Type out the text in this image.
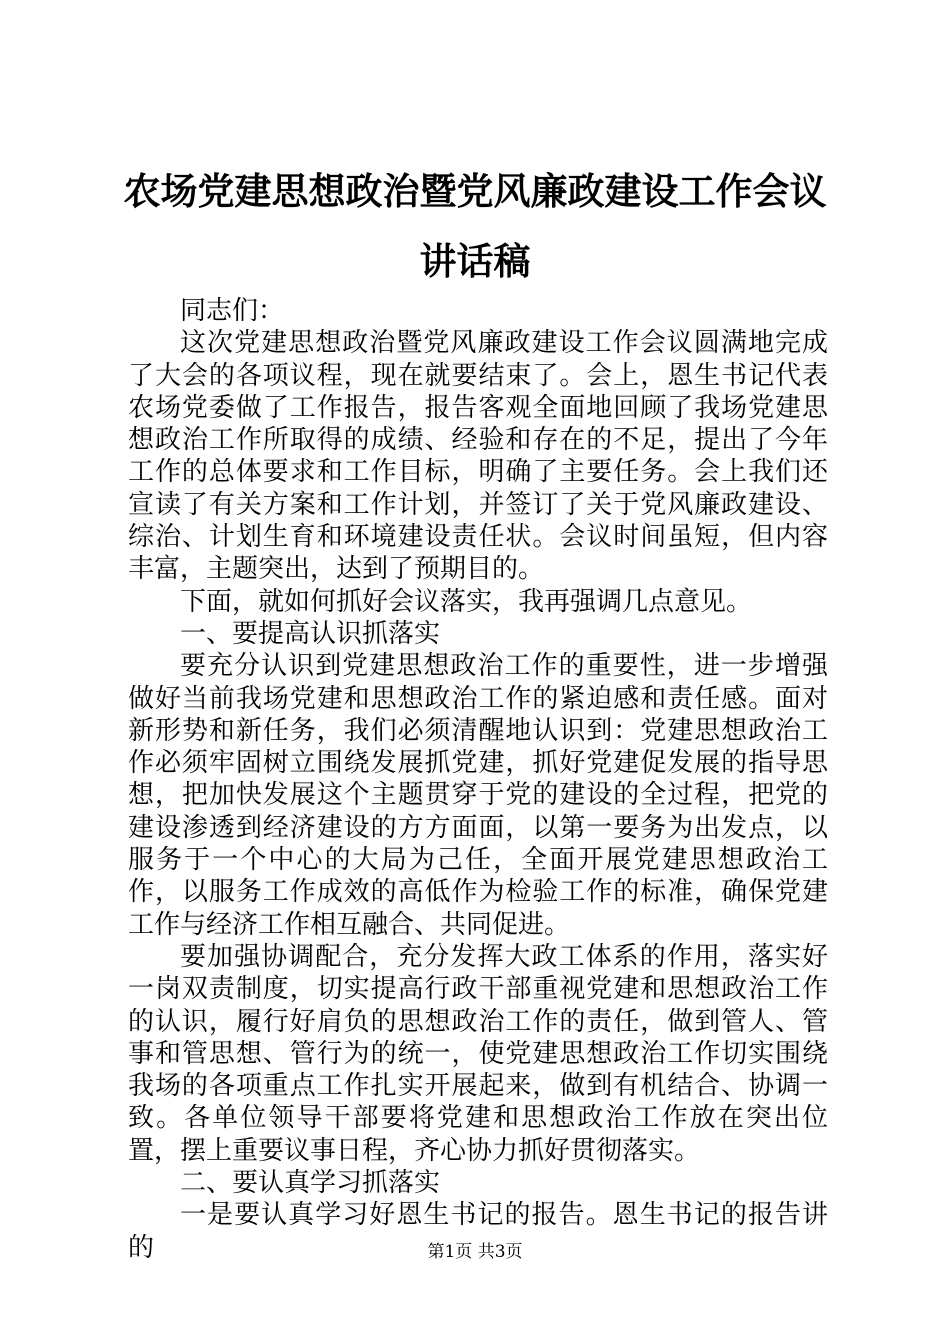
农场党建思想政治暨党风廉政建设工作会议讲话稿

同志们：

这次党建思想政治暨党风廉政建设工作会议圆满地完成了大会的各项议程，现在就要结束了。会上，恩生书记代表农场党委做了工作报告，报告客观全面地回顾了我场党建思想政治工作所取得的成绩、经验和存在的不足，提出了今年工作的总体要求和工作目标，明确了主要任务。会上我们还宣读了有关方案和工作计划，并签订了关于党风廉政建设、综治、计划生育和环境建设责任状。会议时间虽短，但内容丰富，主题突出，达到了预期目的。

下面，就如何抓好会议落实，我再强调几点意见。

一、要提高认识抓落实

要充分认识到党建思想政治工作的重要性，进一步增强做好当前我场党建和思想政治工作的紧迫感和责任感。面对新形势和新任务，我们必须清醒地认识到：党建思想政治工作必须牢固树立围绕发展抓党建，抓好党建促发展的指导思想，把加快发展这个主题贯穿于党的建设的全过程，把党的建设渗透到经济建设的方方面面，以第一要务为出发点，以服务于一个中心的大局为己任，全面开展党建思想政治工作，以服务工作成效的高低作为检验工作的标准，确保党建工作与经济工作相互融合、共同促进。

要加强协调配合，充分发挥大政工体系的作用，落实好一岗双责制度，切实提高行政干部重视党建和思想政治工作的认识，履行好肩负的思想政治工作的责任，做到管人、管事和管思想、管行为的统一，使党建思想政治工作切实围绕我场的各项重点工作扎实开展起来，做到有机结合、协调一致。各单位领导干部要将党建和思想政治工作放在突出位置，摆上重要议事日程，齐心协力抓好贯彻落实。

二、要认真学习抓落实

一是要认真学习好恩生书记的报告。恩生书记的报告讲的	第1页 共3页
